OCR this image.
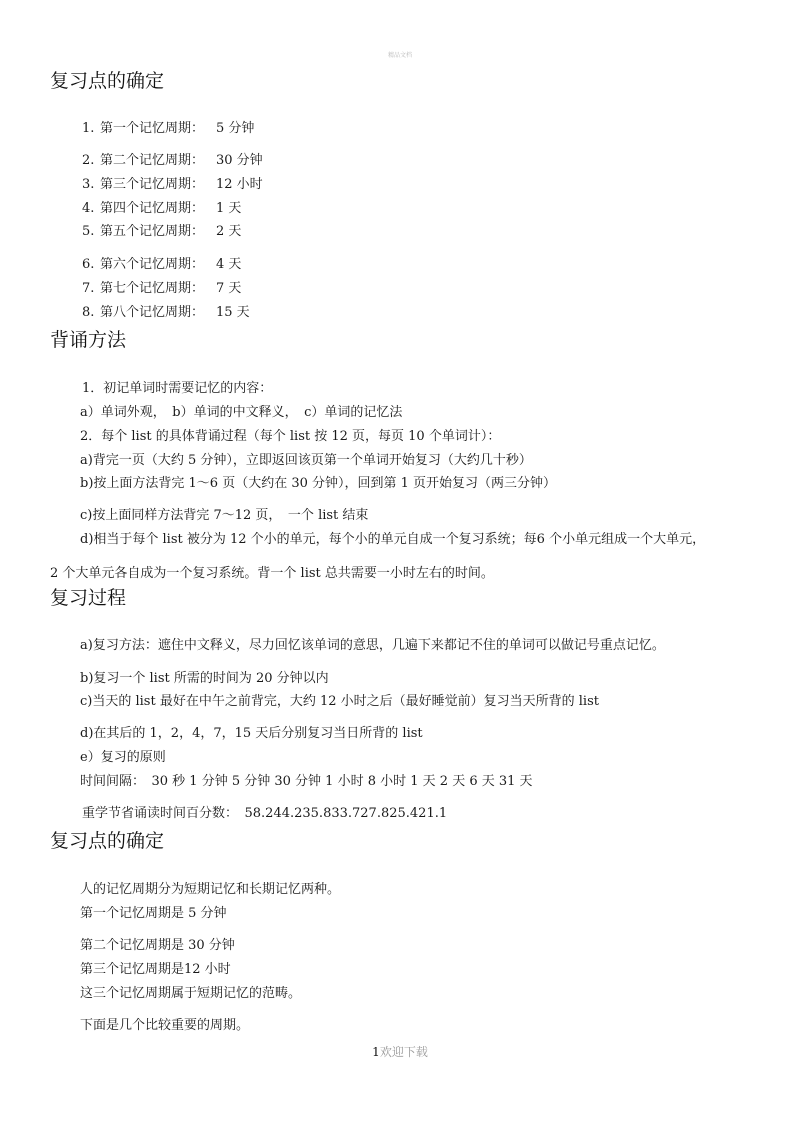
精品文档
复习点的确定
1. 第一个记忆周期： 5 分钟
2. 第二个记忆周期： 30 分钟
3. 第三个记忆周期： 12 小时
4. 第四个记忆周期： 1 天
5. 第五个记忆周期： 2 天
6. 第六个记忆周期： 4 天
7. 第七个记忆周期： 7 天
8. 第八个记忆周期： 15 天
背诵方法
1．初记单词时需要记忆的内容：
a）单词外观，　b）单词的中文释义，　c）单词的记忆法
2．每个 list 的具体背诵过程（每个 list 按 12 页，每页 10 个单词计）：
a)背完一页（大约 5 分钟），立即返回该页第一个单词开始复习（大约几十秒）
b)按上面方法背完 1～6 页（大约在 30 分钟），回到第 1 页开始复习（两三分钟）
c)按上面同样方法背完 7～12 页，　一个 list 结束
d)相当于每个 list 被分为 12 个小的单元，每个小的单元自成一个复习系统；每6 个小单元组成一个大单元，
2 个大单元各自成为一个复习系统。背一个 list 总共需要一小时左右的时间。
复习过程
a)复习方法：遮住中文释义，尽力回忆该单词的意思，几遍下来都记不住的单词可以做记号重点记忆。
b)复习一个 list 所需的时间为 20 分钟以内
c)当天的 list 最好在中午之前背完，大约 12 小时之后（最好睡觉前）复习当天所背的 list
d)在其后的 1，2，4，7，15 天后分别复习当日所背的 list
e）复习的原则
时间间隔：　30 秒 1 分钟 5 分钟 30 分钟 1 小时 8 小时 1 天 2 天 6 天 31 天
重学节省诵读时间百分数：　58.244.235.833.727.825.421.1
复习点的确定
人的记忆周期分为短期记忆和长期记忆两种。
第一个记忆周期是 5 分钟
第二个记忆周期是 30 分钟
第三个记忆周期是12 小时
这三个记忆周期属于短期记忆的范畴。
下面是几个比较重要的周期。
1欢迎下载
